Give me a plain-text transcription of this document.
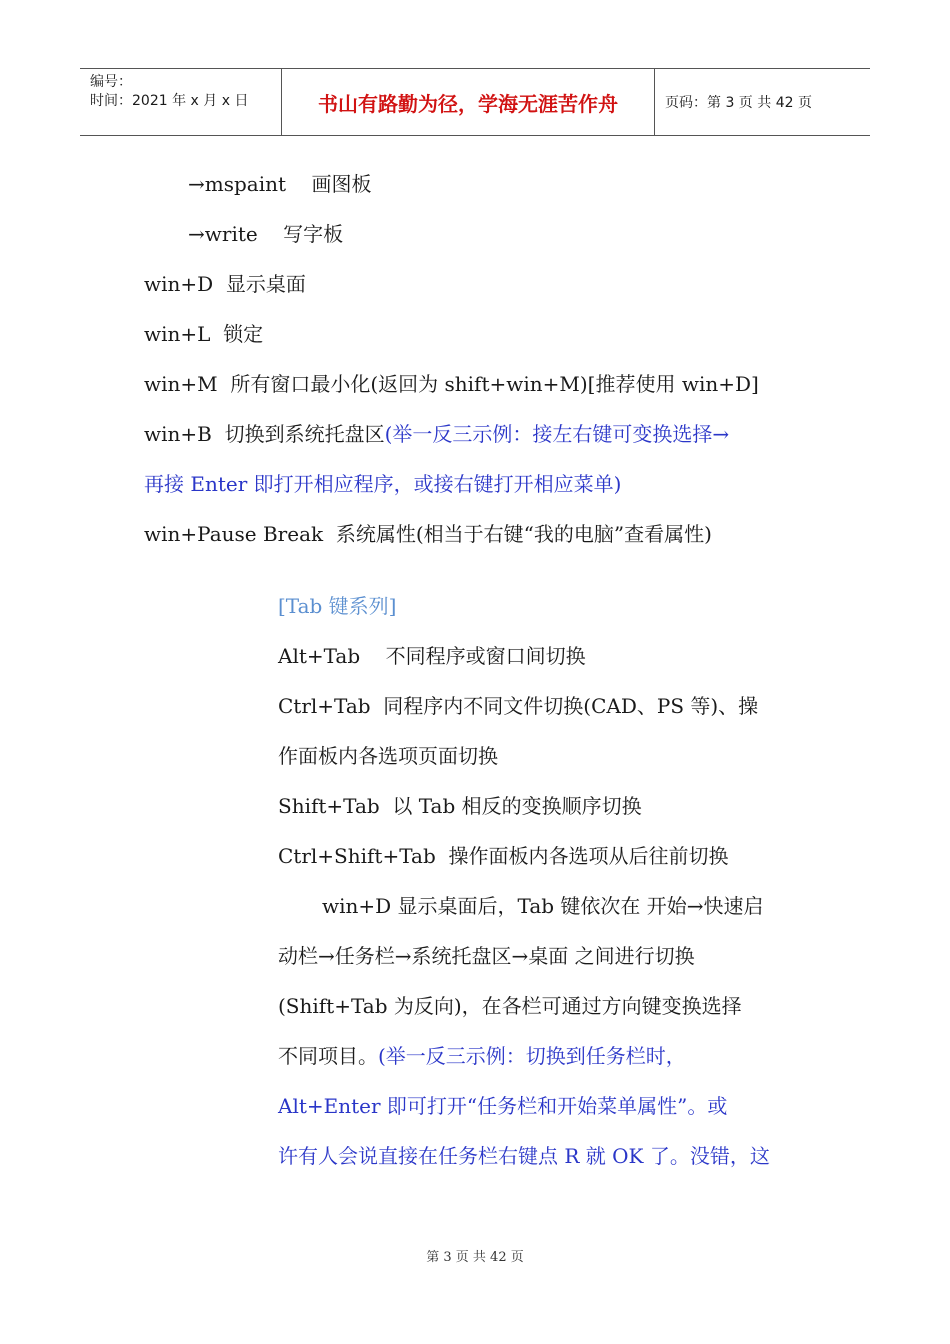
编号：
时间：2021 年 x 月 x 日	书山有路勤为径，学海无涯苦作舟	页码：第 3 页 共 42 页
→mspaint    画图板
→write    写字板
win+D  显示桌面
win+L  锁定
win+M  所有窗口最小化(返回为 shift+win+M)[推荐使用 win+D]
win+B  切换到系统托盘区(举一反三示例：接左右键可变换选择→
再接 Enter 即打开相应程序，或接右键打开相应菜单)
win+Pause Break  系统属性(相当于右键“我的电脑”查看属性)
[Tab 键系列]
Alt+Tab    不同程序或窗口间切换
Ctrl+Tab  同程序内不同文件切换(CAD、PS 等)、操
作面板内各选项页面切换
Shift+Tab  以 Tab 相反的变换顺序切换
Ctrl+Shift+Tab  操作面板内各选项从后往前切换
win+D 显示桌面后，Tab 键依次在 开始→快速启
动栏→任务栏→系统托盘区→桌面 之间进行切换
(Shift+Tab 为反向)，在各栏可通过方向键变换选择
不同项目。(举一反三示例：切换到任务栏时，
Alt+Enter 即可打开“任务栏和开始菜单属性”。或
许有人会说直接在任务栏右键点 R 就 OK 了。没错，这
第 3 页 共 42 页
